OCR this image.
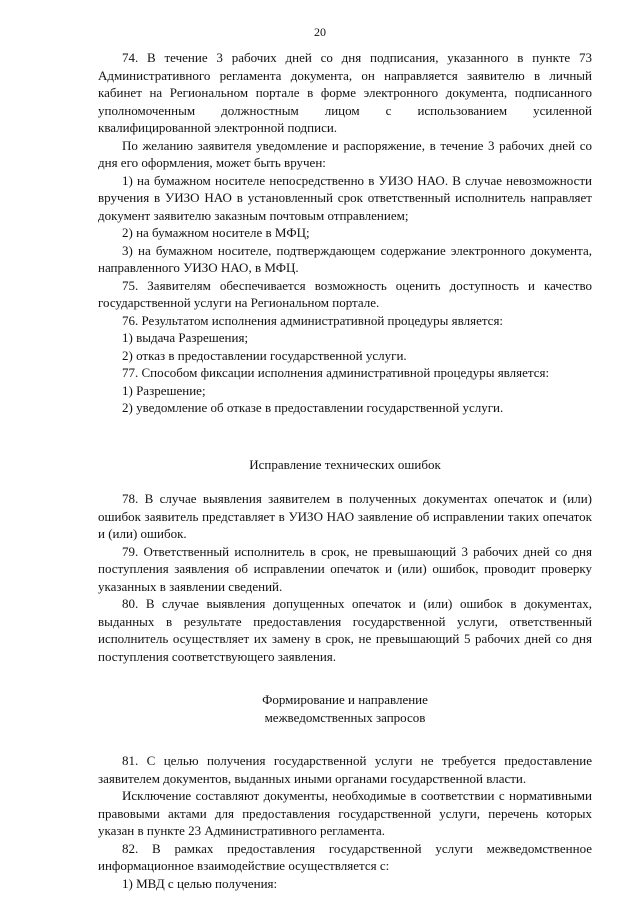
20

74. В течение 3 рабочих дней со дня подписания, указанного в пункте 73 Административного регламента документа, он направляется заявителю в личный кабинет на Региональном портале в форме электронного документа, подписанного уполномоченным должностным лицом с использованием усиленной квалифицированной электронной подписи.

По желанию заявителя уведомление и распоряжение, в течение 3 рабочих дней со дня его оформления, может быть вручен:

1) на бумажном носителе непосредственно в УИЗО НАО. В случае невозможности вручения в УИЗО НАО в установленный срок ответственный исполнитель направляет документ заявителю заказным почтовым отправлением;

2) на бумажном носителе в МФЦ;

3) на бумажном носителе, подтверждающем содержание электронного документа, направленного УИЗО НАО, в МФЦ.

75. Заявителям обеспечивается возможность оценить доступность и качество государственной услуги на Региональном портале.

76. Результатом исполнения административной процедуры является:

1) выдача Разрешения;

2) отказ в предоставлении государственной услуги.

77. Способом фиксации исполнения административной процедуры является:

1) Разрешение;

2) уведомление об отказе в предоставлении государственной услуги.

Исправление технических ошибок

78. В случае выявления заявителем в полученных документах опечаток и (или) ошибок заявитель представляет в УИЗО НАО заявление об исправлении таких опечаток и (или) ошибок.

79. Ответственный исполнитель в срок, не превышающий 3 рабочих дней со дня поступления заявления об исправлении опечаток и (или) ошибок, проводит проверку указанных в заявлении сведений.

80. В случае выявления допущенных опечаток и (или) ошибок в документах, выданных в результате предоставления государственной услуги, ответственный исполнитель осуществляет их замену в срок, не превышающий 5 рабочих дней со дня поступления соответствующего заявления.

Формирование и направление
межведомственных запросов

81. С целью получения государственной услуги не требуется предоставление заявителем документов, выданных иными органами государственной власти.

Исключение составляют документы, необходимые в соответствии с нормативными правовыми актами для предоставления государственной услуги, перечень которых указан в пункте 23 Административного регламента.

82. В рамках предоставления государственной услуги межведомственное информационное взаимодействие осуществляется с:

1) МВД с целью получения:
